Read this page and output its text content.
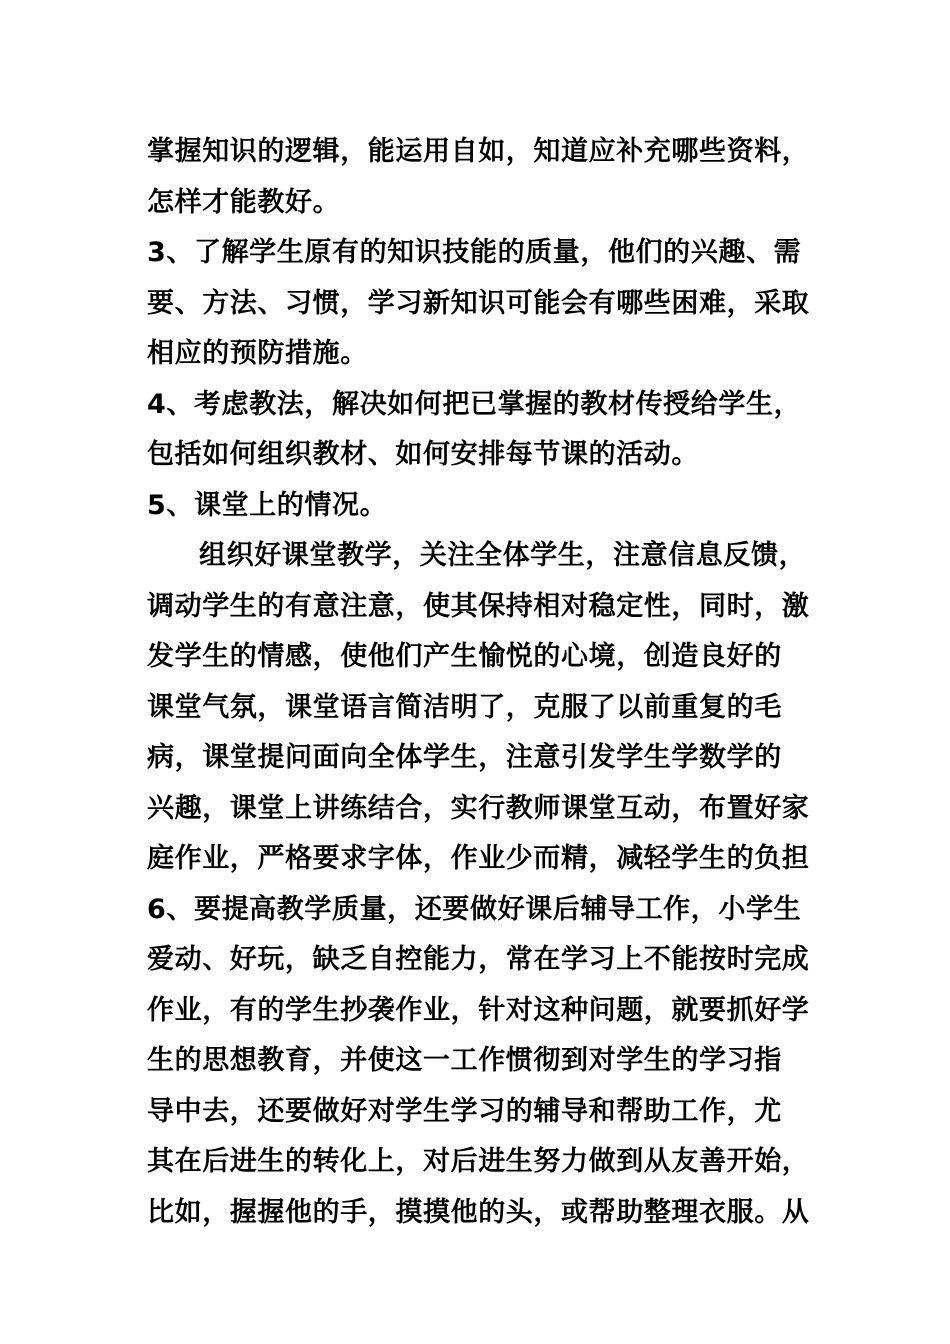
掌握知识的逻辑，能运用自如，知道应补充哪些资料，
怎样才能教好。
3、了解学生原有的知识技能的质量，他们的兴趣、需
要、方法、习惯，学习新知识可能会有哪些困难，采取
相应的预防措施。
4、考虑教法，解决如何把已掌握的教材传授给学生，
包括如何组织教材、如何安排每节课的活动。
5、课堂上的情况。
组织好课堂教学，关注全体学生，注意信息反馈，
调动学生的有意注意，使其保持相对稳定性，同时，激
发学生的情感，使他们产生愉悦的心境，创造良好的
课堂气氛，课堂语言简洁明了，克服了以前重复的毛
病，课堂提问面向全体学生，注意引发学生学数学的
兴趣，课堂上讲练结合，实行教师课堂互动，布置好家
庭作业，严格要求字体，作业少而精，减轻学生的负担
6、要提高教学质量，还要做好课后辅导工作，小学生
爱动、好玩，缺乏自控能力，常在学习上不能按时完成
作业，有的学生抄袭作业，针对这种问题，就要抓好学
生的思想教育，并使这一工作惯彻到对学生的学习指
导中去，还要做好对学生学习的辅导和帮助工作，尤
其在后进生的转化上，对后进生努力做到从友善开始，
比如，握握他的手，摸摸他的头，或帮助整理衣服。从
